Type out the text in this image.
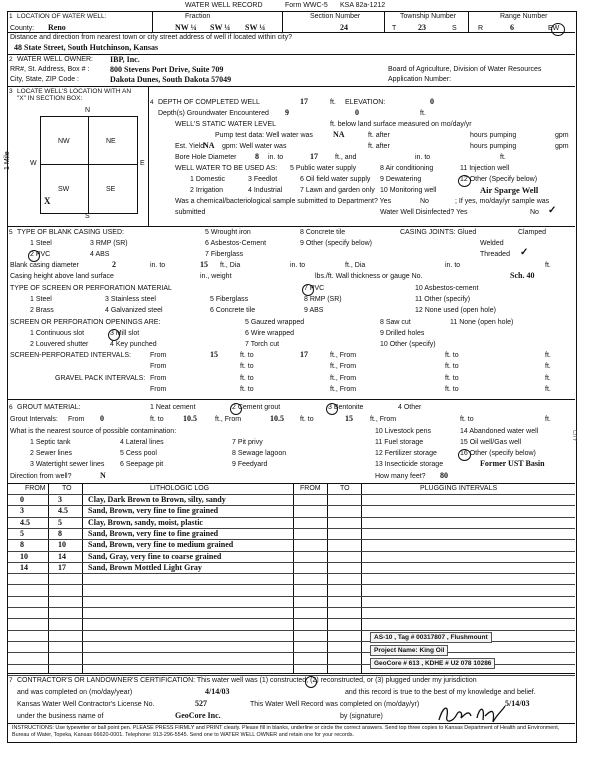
WATER WELL RECORD	Form WWC-5 KSA 82a-1212
1 LOCATION OF WATER WELL:
County: Reno
Fraction
NW ¼ SW ¼ SW ¼
Section Number
24
Township Number
T	23	S
Range Number
R	6	EW
Distance and direction from nearest town or city street address of well if located within city?
48 State Street, South Hutchinson, Kansas
2 WATER WELL OWNER: IBP, Inc.
RR#, St. Address, Box # :	800 Stevens Port Drive, Suite 709
City, State, ZIP Code :	Dakota Dunes, South Dakota 57049
Board of Agriculture, Division of Water Resources
Application Number:
3 LOCATE WELL'S LOCATION WITH AN "X" IN SECTION BOX:
N
NW	NE
SW	SE
W	E
S
X
1 Mile
4 DEPTH OF COMPLETED WELL	17	ft. ELEVATION:	0
Depth(s) Groundwater Encountered 9	0	ft.
WELL'S STATIC WATER LEVEL	ft. below land surface measured on mo/day/yr
Pump test data: Well water was	NA	ft. after	hours pumping	gpm
Est. Yield
NA gpm: Well water was	ft. after	hours pumping	gpm
Bore Hole Diameter 8 in. to	17 ft., and	in. to	ft.
WELL WATER TO BE USED AS: 5 Public water supply	8 Air conditioning	11 Injection well
1 Domestic	3 Feedlot	6 Oil field water supply 9 Dewatering	12 Other (Specify below)
2 Irrigation	4 Industrial	7 Lawn and garden only 10 Monitoring well	Air Sparge Well
Was a chemical/bacteriological sample submitted to Department? Yes	No	; If yes, mo/day/yr sample was
submitted	Water Well Disinfected? Yes	No ✓
5 TYPE OF BLANK CASING USED:	5 Wrought iron	8 Concrete tile	CASING JOINTS: Glued	Clamped
1 Steel	3 RMP (SR)	6 Asbestos-Cement	9 Other (specify below)	Welded
2 PVC	4 ABS	7 Fiberglass	Threaded ✓
Blank casing diameter	2	in. to	15 ft., Dia	in. to	ft., Dia	in. to	ft.
Casing height above land surface	in., weight	lbs./ft. Wall thickness or gauge No.	Sch. 40
TYPE OF SCREEN OR PERFORATION MATERIAL	7 PVC	10 Asbestos-cement
1 Steel	3 Stainless steel	5 Fiberglass	8 RMP (SR)	11 Other (specify)
2 Brass	4 Galvanized steel	6 Concrete tile	9 ABS	12 None used (open hole)
SCREEN OR PERFORATION OPENINGS ARE:	5 Gauzed wrapped	8 Saw cut	11 None (open hole)
1 Continuous slot	3 Mill slot	6 Wire wrapped	9 Drilled holes
2 Louvered shutter	4 Key punched	7 Torch cut	10 Other (specify)
SCREEN-PERFORATED INTERVALS:	From	15	ft. to	17	ft., From	ft. to	ft.
From	ft. to	ft., From	ft. to	ft.
GRAVEL PACK INTERVALS: From	ft. to	ft., From	ft. to	ft.
From	ft. to	ft., From	ft. to	ft.
6 GROUT MATERIAL:	1 Neat cement	2 Cement grout	3 Bentonite	4 Other
Grout Intervals: From 0	ft. to 10.5	ft., From	10.5 ft. to	15 ft., From	ft. to	ft.
What is the nearest source of possible contamination:	10 Livestock pens	14 Abandoned water well
1 Septic tank	4 Lateral lines	7 Pit privy	11 Fuel storage	15 Oil well/Gas well
2 Sewer lines	5 Cess pool	8 Sewage lagoon	12 Fertilizer storage	16 Other (specify below)
3 Watertight sewer lines 6 Seepage pit	9 Feedyard	13 Insecticide storage	Former UST Basin
Direction from well?	N	How many feet? 80
FROM TO	LITHOLOGIC LOG	FROM	TO	PLUGGING INTERVALS
0	3	Clay, Dark Brown to Brown, silty, sandy
3	4.5	Sand, Brown, very fine to fine grained
4.5	5	Clay, Brown, sandy, moist, plastic
5	8	Sand, Brown, very fine to fine grained
8	10	Sand, Brown, very fine to medium grained
10	14	Sand, Gray, very fine to coarse grained
14	17	Sand, Brown Mottled Light Gray
AS-10 , Tag # 00317807 , Flushmount
Project Name: King Oil
GeoCore # 613 , KDHE # U2 078 10286
7 CONTRACTOR'S OR LANDOWNER'S CERTIFICATION: This water well was (1) constructed, (2) reconstructed, or (3) plugged under my jurisdiction
and was completed on (mo/day/year)	4/14/03	and this record is true to the best of my knowledge and belief.
Kansas Water Well Contractor's License No.	527	This Water Well Record was completed on (mo/day/yr)	5/14/03
under the business name of	GeoCore Inc.	by (signature)
INSTRUCTIONS: Use typewriter or ball point pen. PLEASE PRESS FIRMLY and PRINT clearly. Please fill in blanks, underline or circle the correct answers. Send top three copies to Kansas Department of Health and Environment, Bureau of Water, Topeka, Kansas 66620-0001. Telephone: 913-296-5545. Send one to WATER WELL OWNER and retain one for your records.
CITY
